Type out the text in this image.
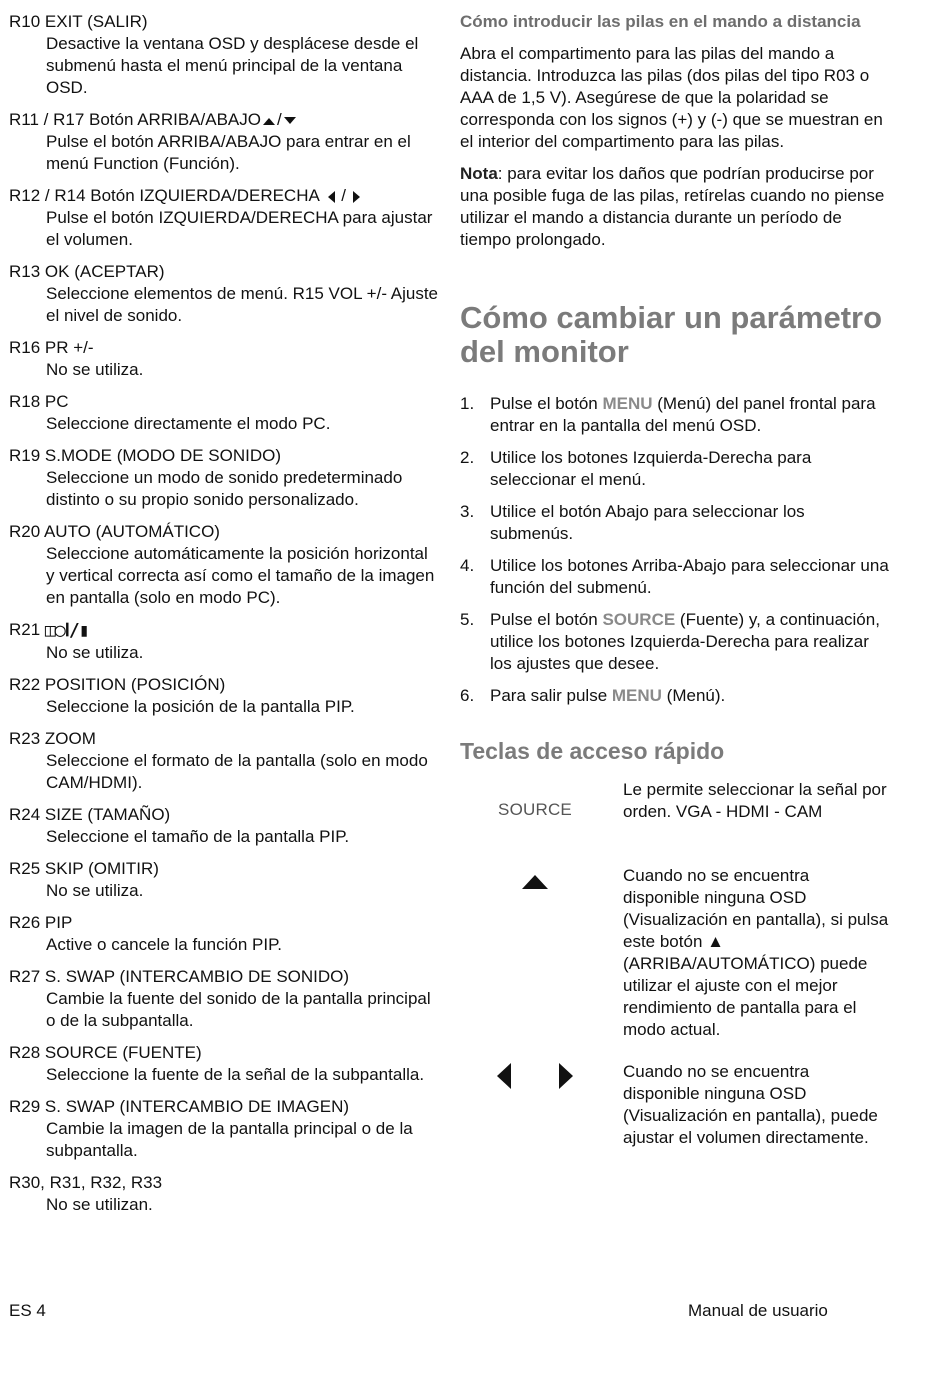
R10 EXIT (SALIR)
Desactive la ventana OSD y desplácese desde el submenú hasta el menú principal de la ventana OSD.
R11 / R17 Botón ARRIBA/ABAJO /
Pulse el botón ARRIBA/ABAJO para entrar en el menú Function (Función).
R12 / R14 Botón IZQUIERDA/DERECHA  /
Pulse el botón IZQUIERDA/DERECHA para ajustar el volumen.
R13 OK (ACEPTAR)
Seleccione elementos de menú. R15 VOL +/- Ajuste el nivel de sonido.
R16 PR +/-
No se utiliza.
R18 PC
Seleccione directamente el modo PC.
R19 S.MODE (MODO DE SONIDO)
Seleccione un modo de sonido predeterminado distinto o su propio sonido personalizado.
R20 AUTO (AUTOMÁTICO)
Seleccione automáticamente la posición horizontal y vertical correcta así como el tamaño de la imagen en pantalla (solo en modo PC).
R21 ◫◯Ⅰ/▮
No se utiliza.
R22 POSITION (POSICIÓN)
Seleccione la posición de la pantalla PIP.
R23 ZOOM
Seleccione el formato de la pantalla (solo en modo CAM/HDMI).
R24 SIZE (TAMAÑO)
Seleccione el tamaño de la pantalla PIP.
R25 SKIP (OMITIR)
No se utiliza.
R26 PIP
Active o cancele la función PIP.
R27 S. SWAP (INTERCAMBIO DE SONIDO)
Cambie la fuente del sonido de la pantalla principal o de la subpantalla.
R28 SOURCE (FUENTE)
Seleccione la fuente de la señal de la subpantalla.
R29 S. SWAP (INTERCAMBIO DE IMAGEN)
Cambie la imagen de la pantalla principal o de la subpantalla.
R30, R31, R32, R33
No se utilizan.
Cómo introducir las pilas en el mando a distancia

Abra el compartimento para las pilas del mando a distancia. Introduzca las pilas (dos pilas del tipo R03 o AAA de 1,5 V). Asegúrese de que la polaridad se corresponda con los signos (+) y (-) que se muestran en el interior del compartimento para las pilas.

Nota: para evitar los daños que podrían producirse por una posible fuga de las pilas, retírelas cuando no piense utilizar el mando a distancia durante un período de tiempo prolongado.

Cómo cambiar un parámetro del monitor
1. Pulse el botón MENU (Menú) del panel frontal para entrar en la pantalla del menú OSD.
2. Utilice los botones Izquierda-Derecha para seleccionar el menú.
3. Utilice el botón Abajo para seleccionar los submenús.
4. Utilice los botones Arriba-Abajo para seleccionar una función del submenú.
5. Pulse el botón SOURCE (Fuente) y, a continuación, utilice los botones Izquierda-Derecha para realizar los ajustes que desee.
6. Para salir pulse MENU (Menú).
Teclas de acceso rápido
SOURCE
Le permite seleccionar la señal por orden. VGA - HDMI - CAM
Cuando no se encuentra disponible ninguna OSD (Visualización en pantalla), si pulsa este botón ▲ (ARRIBA/AUTOMÁTICO) puede utilizar el ajuste con el mejor rendimiento de pantalla para el modo actual.

Cuando no se encuentra disponible ninguna OSD (Visualización en pantalla), puede ajustar el volumen directamente.
ES 4	Manual de usuario
